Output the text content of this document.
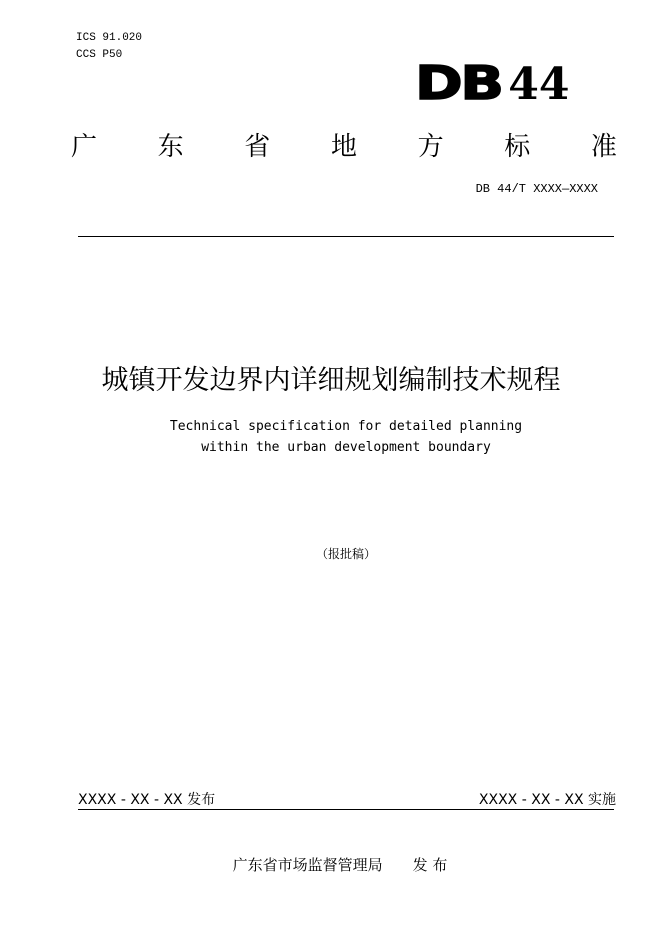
ICS 91.020
CCS P50
DB 44
广 东 省 地 方 标 准
DB 44/T XXXX—XXXX
城镇开发边界内详细规划编制技术规程
Technical specification for detailed planning
within the urban development boundary
（报批稿）
XXXX - XX - XX 发布	XXXX - XX - XX 实施
广东省市场监督管理局 发 布
